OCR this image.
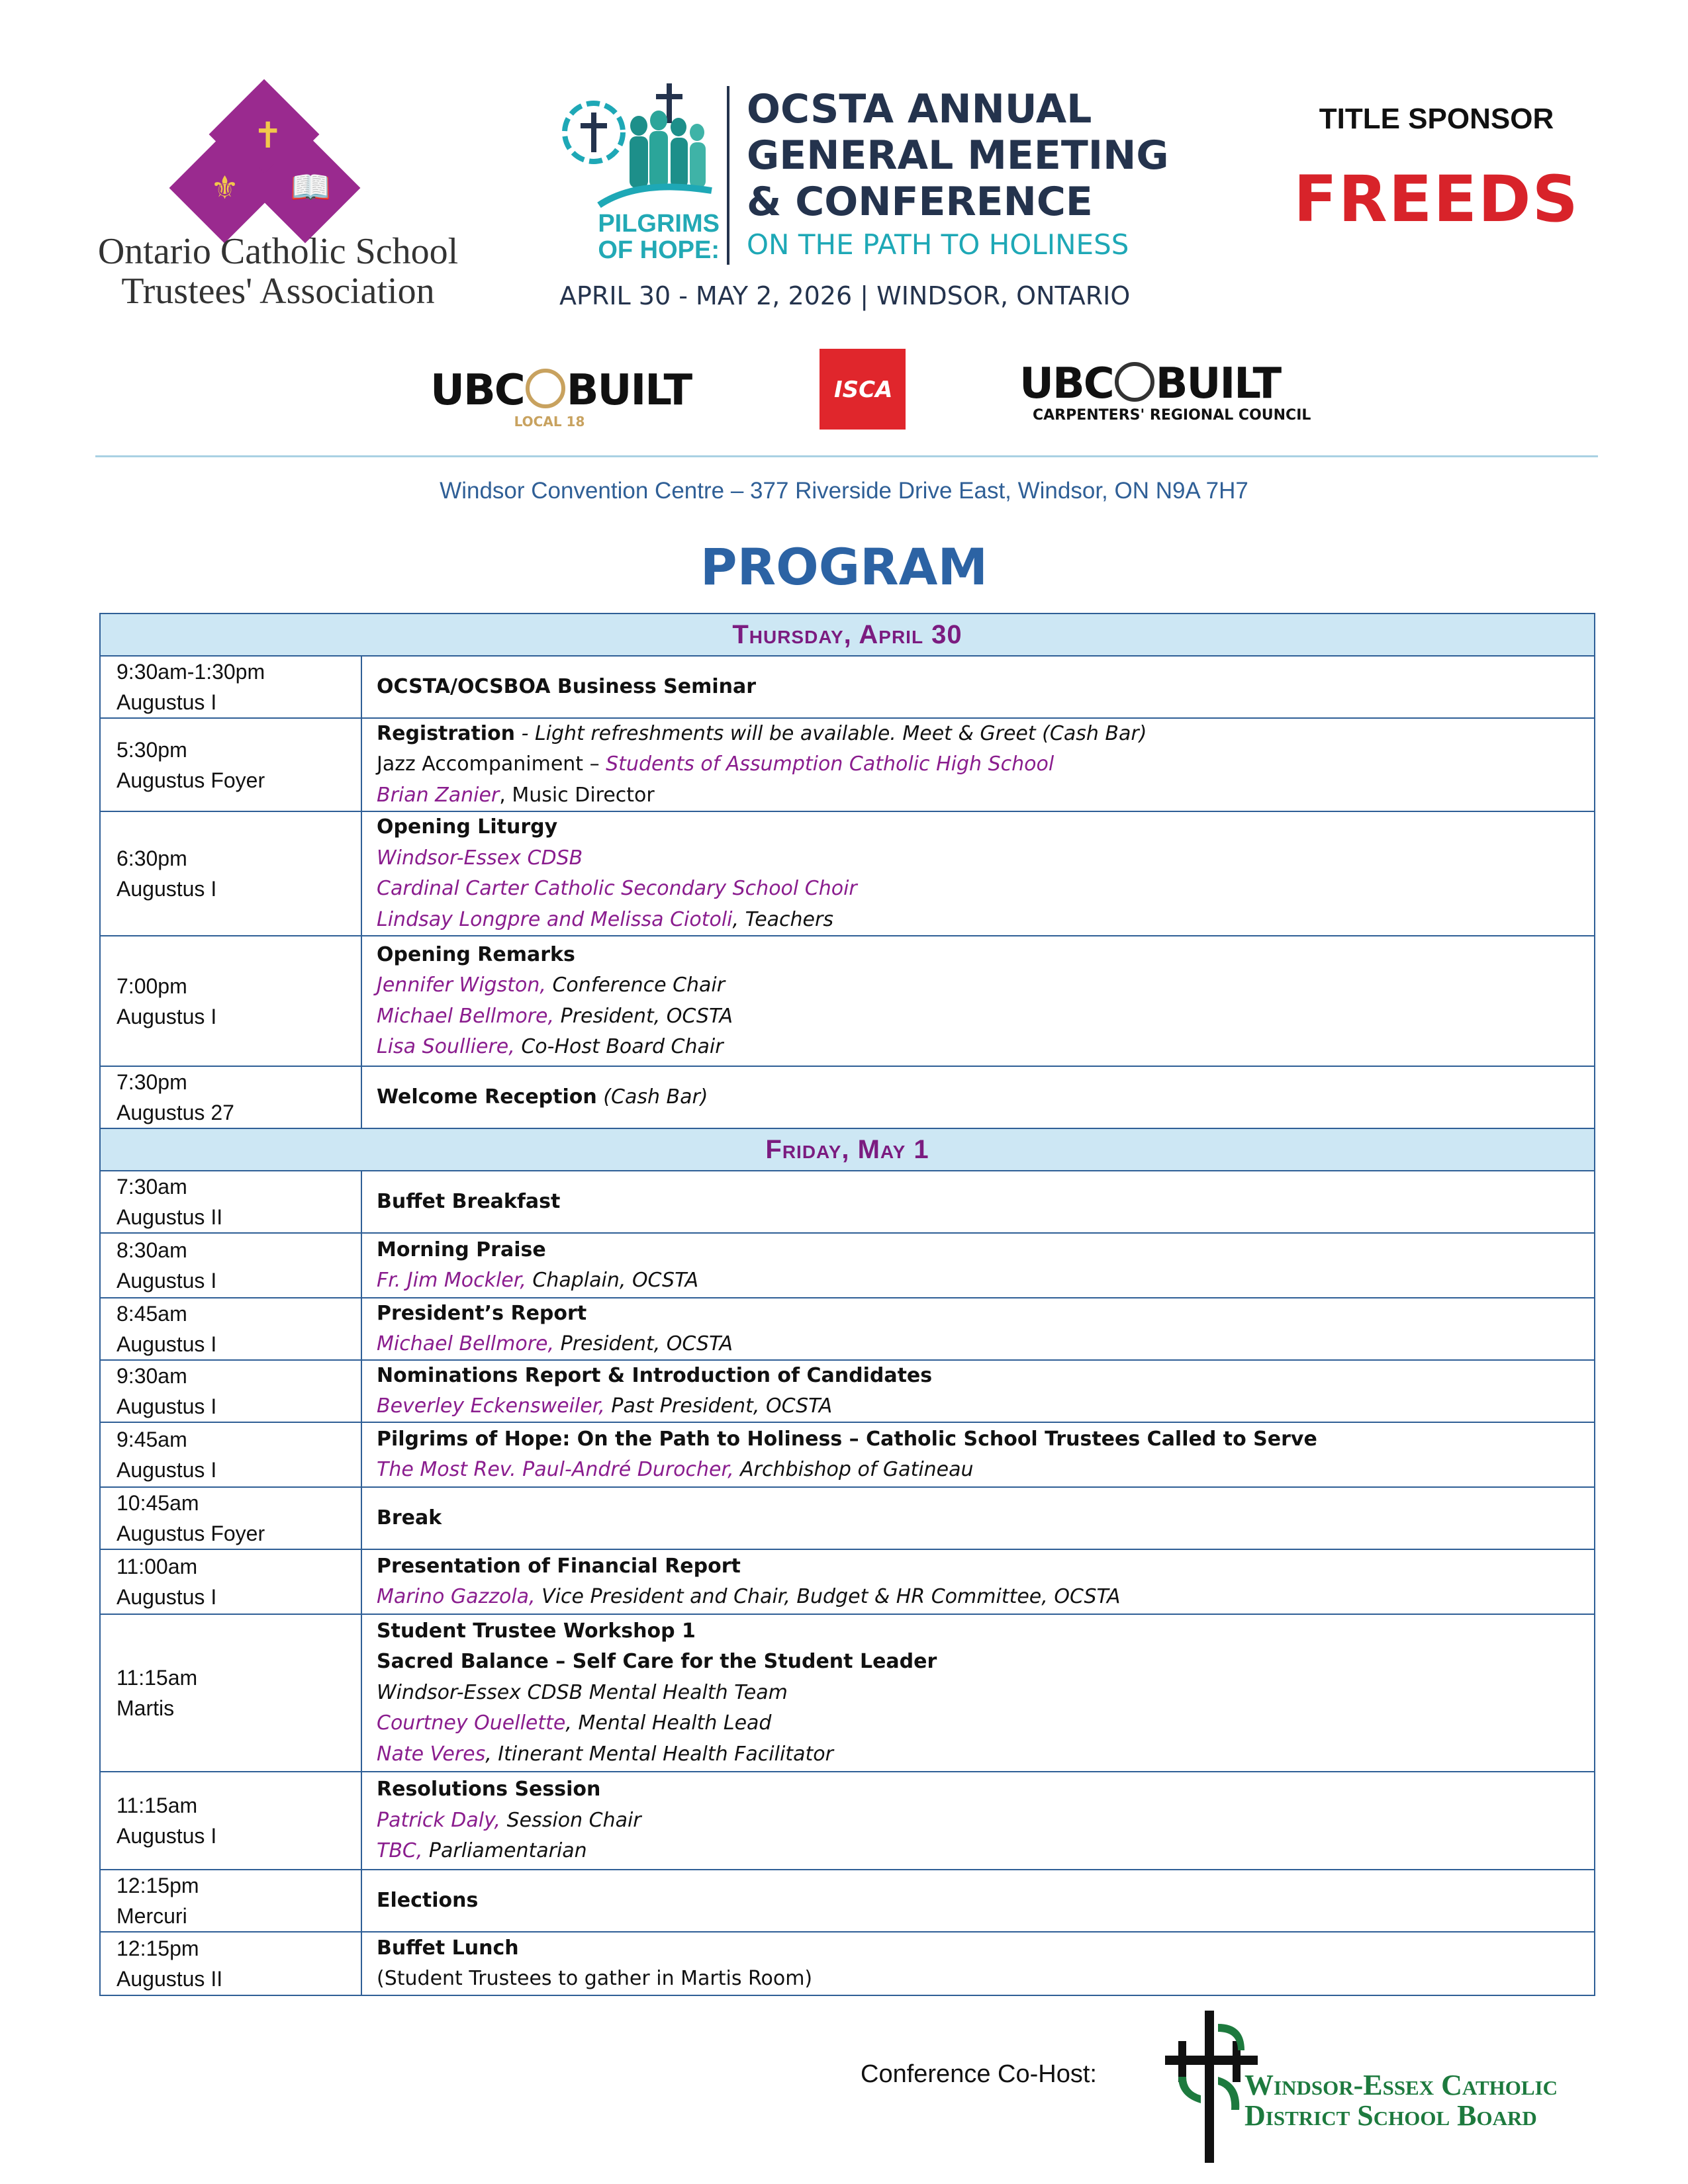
✝
⚜ 📖
Ontario Catholic School
Trustees' Association
PILGRIMS
OF HOPE:
OCSTA ANNUAL
GENERAL MEETING
& CONFERENCE
ON THE PATH TO HOLINESS
APRIL 30 - MAY 2, 2026 | WINDSOR, ONTARIO
TITLE SPONSOR
FREEDS
UBC BUILT
LOCAL 18
ISCA	UBC BUILT
CARPENTERS' REGIONAL COUNCIL
Windsor Convention Centre – 377 Riverside Drive East, Windsor, ON N9A 7H7
PROGRAM
Thursday, April 30
9:30am-1:30pm
Augustus I
OCSTA/OCSBOA Business Seminar
5:30pm
Augustus Foyer
Registration - Light refreshments will be available. Meet & Greet (Cash Bar)
Jazz Accompaniment – Students of Assumption Catholic High School
Brian Zanier, Music Director
6:30pm
Augustus I
Opening Liturgy
Windsor-Essex CDSB
Cardinal Carter Catholic Secondary School Choir
Lindsay Longpre and Melissa Ciotoli, Teachers
7:00pm
Augustus I
Opening Remarks
Jennifer Wigston, Conference Chair
Michael Bellmore, President, OCSTA
Lisa Soulliere, Co-Host Board Chair
7:30pm
Augustus 27
Welcome Reception (Cash Bar)
Friday, May 1
7:30am
Augustus II
Buffet Breakfast
8:30am
Augustus I
Morning Praise
Fr. Jim Mockler, Chaplain, OCSTA
8:45am
Augustus I
President’s Report
Michael Bellmore, President, OCSTA
9:30am
Augustus I
Nominations Report & Introduction of Candidates
Beverley Eckensweiler, Past President, OCSTA
9:45am
Augustus I
Pilgrims of Hope: On the Path to Holiness – Catholic School Trustees Called to Serve
The Most Rev. Paul-André Durocher, Archbishop of Gatineau
10:45am
Augustus Foyer
Break
11:00am
Augustus I
Presentation of Financial Report
Marino Gazzola, Vice President and Chair, Budget & HR Committee, OCSTA
11:15am
Martis
Student Trustee Workshop 1
Sacred Balance – Self Care for the Student Leader
Windsor-Essex CDSB Mental Health Team
Courtney Ouellette, Mental Health Lead
Nate Veres, Itinerant Mental Health Facilitator
11:15am
Augustus I
Resolutions Session
Patrick Daly, Session Chair
TBC, Parliamentarian
12:15pm
Mercuri
Elections
12:15pm
Augustus II
Buffet Lunch
(Student Trustees to gather in Martis Room)
Conference Co-Host:	Windsor-Essex Catholic
District School Board
